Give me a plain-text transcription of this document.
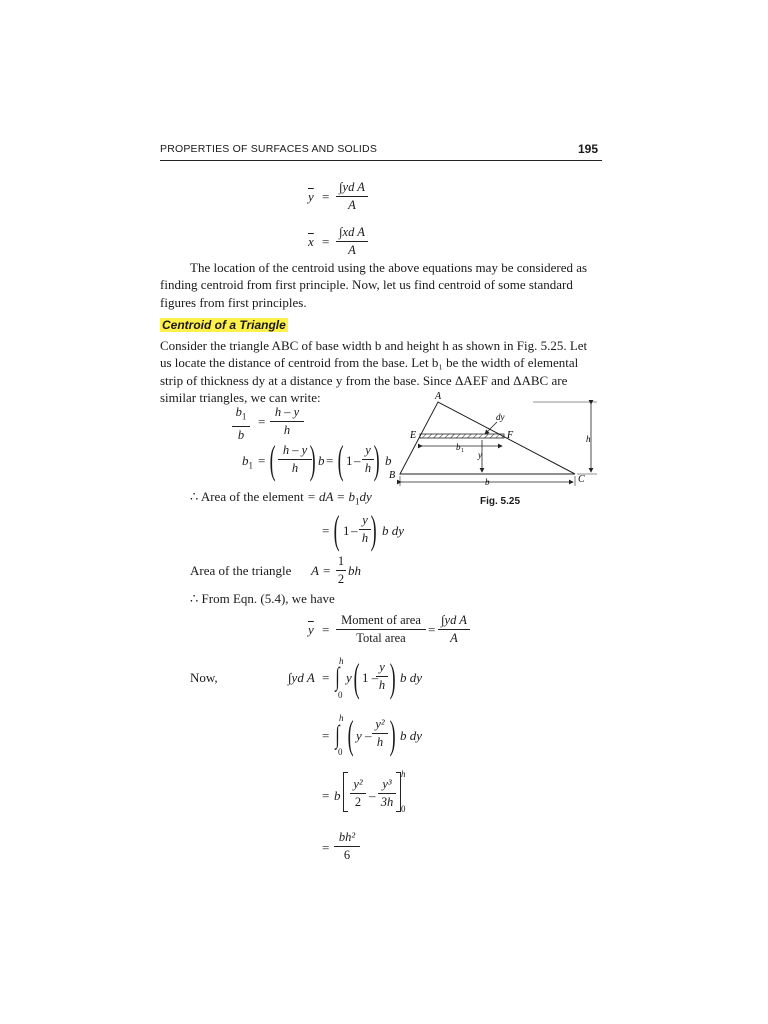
PROPERTIES OF SURFACES AND SOLIDS	195
$\overline{y}$ =
∫yd A
A
$\overline{x}$ =
∫xd A
A
The location of the centroid using the above equations may be considered as
finding centroid from first principle. Now, let us find centroid of some standard
figures from first principles.
Centroid of a Triangle
Consider the triangle ABC of base width b and height h as shown in Fig. 5.25. Let
us locate the distance of centroid from the base. Let b₁ be the width of elemental
strip of thickness dy at a distance y from the base. Since ΔAEF and ΔABC are
similar triangles, we can write:
$b_1$
b
=
h – y
h
$b_1$ = ( h – y
h ) b = ( 1 –
y
h ) b
∴ Area of the element = dA = $b_1dy$
= ( 1 –
y
h ) b dy
Area of the triangle A =
1
2
bh
∴ From Eqn. (5.4), we have
$\overline{y}$ =
Moment of area
Total area
=
∫yd A
A
Now,	∫yd A =
h
∫
0
y ( 1 –
y
h ) b dy
=
h
∫
0 ( y –
y²
h ) b dy
= b
y²
2 –
y³
3h
h
0
=
bh²
6
A
B	C
E	F
dy
b 1 y
b
h
Fig. 5.25
